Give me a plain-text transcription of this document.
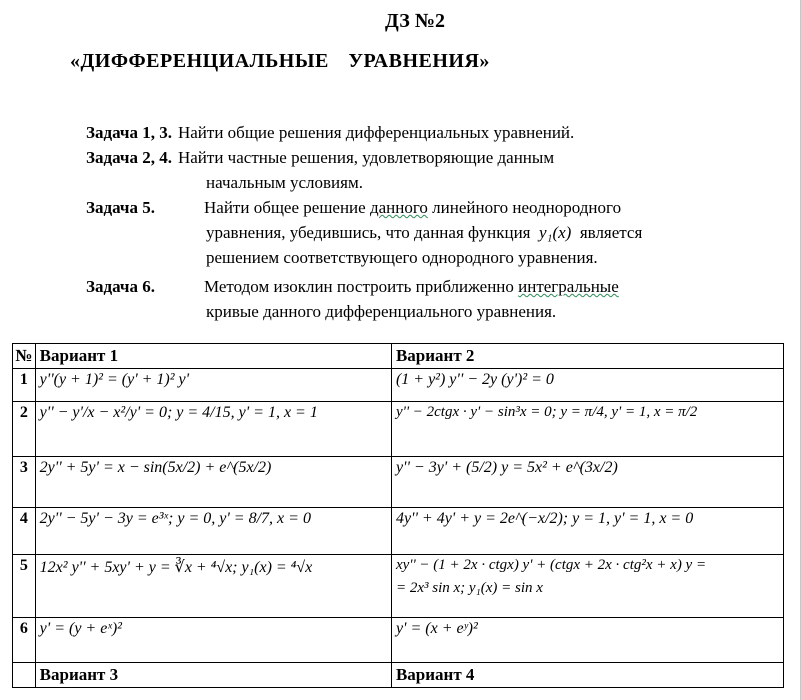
ДЗ №2
«ДИФФЕРЕНЦИАЛЬНЫЕ УРАВНЕНИЯ»
Задача 1, 3. Найти общие решения дифференциальных уравнений.
Задача 2, 4. Найти частные решения, удовлетворяющие данным
начальным условиям.
Задача 5.	Найти общее решение данного линейного неоднородного
уравнения, убедившись, что данная функция y₁(x) является
решением соответствующего однородного уравнения.
Задача 6.	Методом изоклин построить приближенно интегральные
кривые данного дифференциального уравнения.
№	Вариант 1	Вариант 2
1	y''(y + 1)² = (y' + 1)² y'	(1 + y²) y'' − 2y (y')² = 0
2	y'' − y'/x − x²/y' = 0; y = 4/15, y' = 1, x = 1	y'' − 2ctgx · y' − sin³x = 0; y = π/4, y' = 1, x = π/2
3	2y'' + 5y' = x − sin(5x/2) + e^(5x/2)	y'' − 3y' + (5/2) y = 5x² + e^(3x/2)
4	2y'' − 5y' − 3y = e³ˣ; y = 0, y' = 8/7, x = 0	4y'' + 4y' + y = 2e^(−x/2); y = 1, y' = 1, x = 0
5	12x² y'' + 5xy' + y = ∛x + ⁴√x; y₁(x) = ⁴√x	xy'' − (1 + 2x · ctgx) y' + (ctgx + 2x · ctg²x + x) y =
= 2x³ sin x; y₁(x) = sin x

6	y' = (y + eˣ)²	y' = (x + eʸ)²
	Вариант 3	Вариант 4
